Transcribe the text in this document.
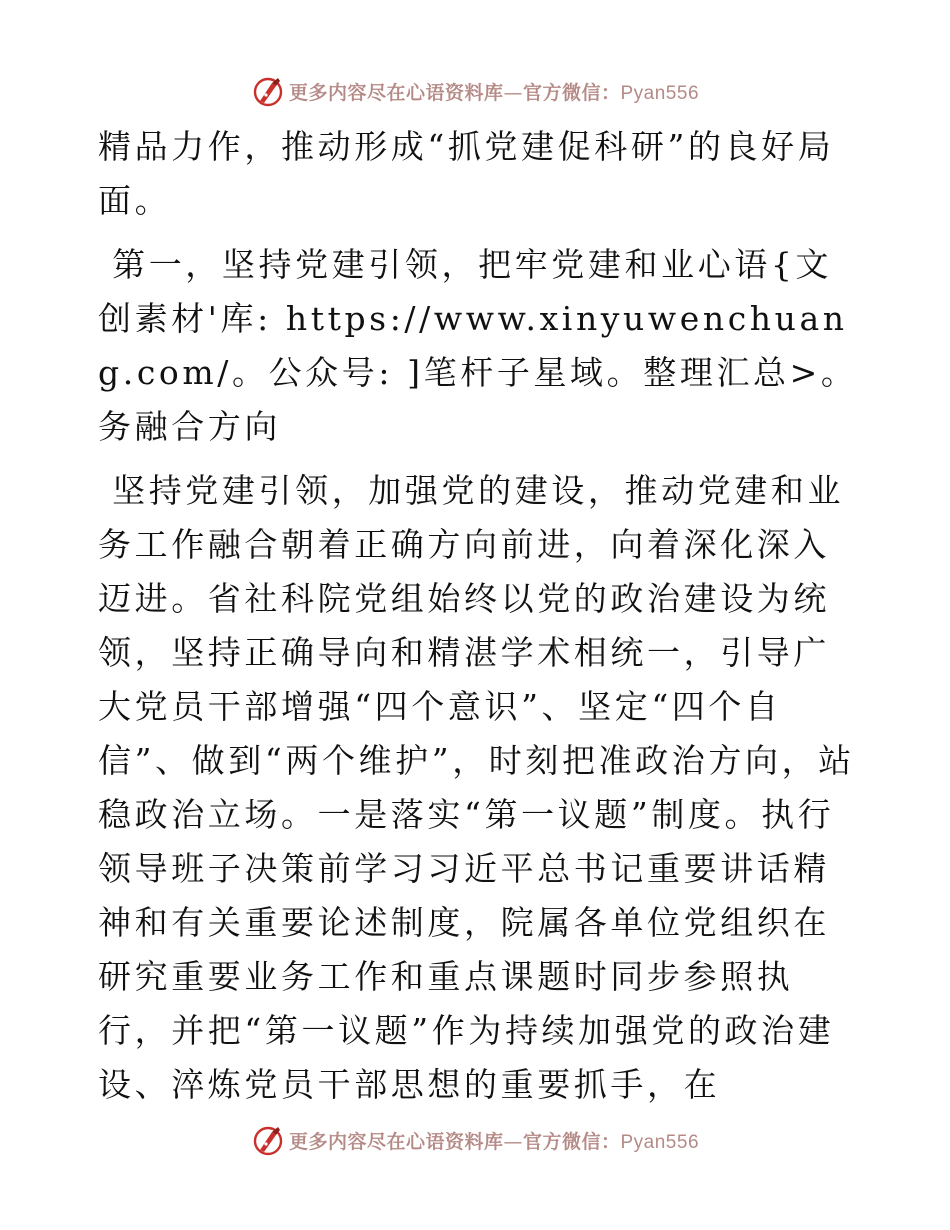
更多内容尽在心语资料库—官方微信：Pyan556

精品力作，推动形成“抓党建促科研”的良好局面。

第一，坚持党建引领，把牢党建和业心语{文创素材'库: https://www.xinyuwenchuang.com/。公众号: ]笔杆子星域。整理汇总>。务融合方向

坚持党建引领，加强党的建设，推动党建和业务工作融合朝着正确方向前进，向着深化深入迈进。省社科院党组始终以党的政治建设为统领，坚持正确导向和精湛学术相统一，引导广大党员干部增强“四个意识”、坚定“四个自信”、做到“两个维护”，时刻把准政治方向，站稳政治立场。一是落实“第一议题”制度。执行领导班子决策前学习习近平总书记重要讲话精神和有关重要论述制度，院属各单位党组织在研究重要业务工作和重点课题时同步参照执行，并把“第一议题”作为持续加强党的政治建设、淬炼党员干部思想的重要抓手，在

更多内容尽在心语资料库—官方微信：Pyan556
